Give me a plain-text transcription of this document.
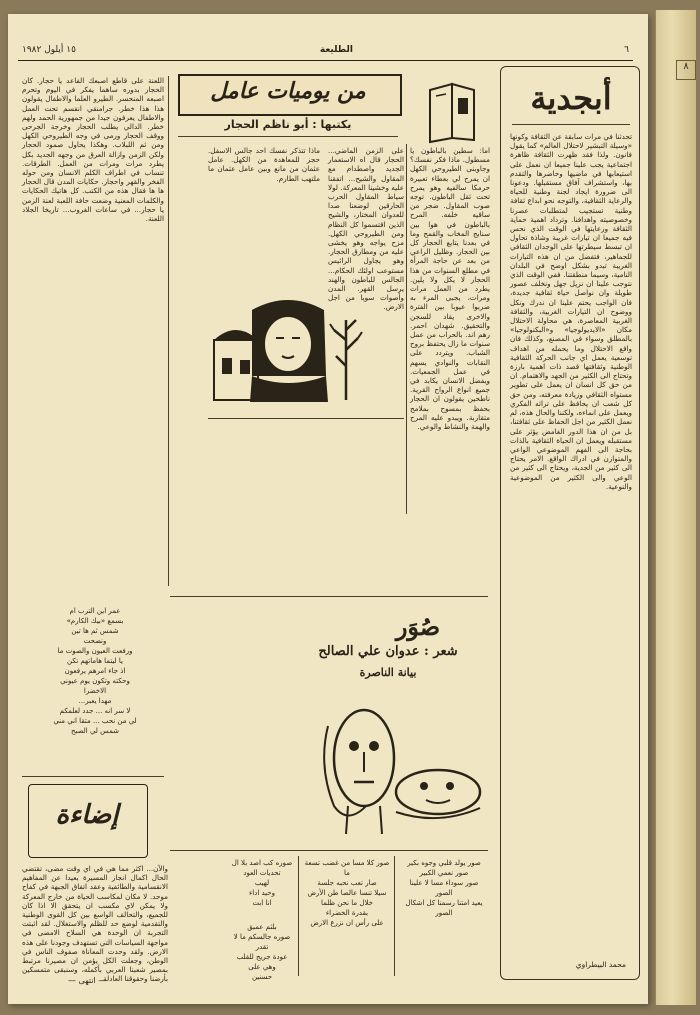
٨
٦
الطليعة
١٥ أيلول ١٩٨٢
أبجدية
تحدثنا في مرات سابقة عن الثقافة وكونها «وسيلة التبشير لاحتلال العالم» كما يقول فانون. ولذا فقد ظهرت الثقافة ظاهرة اجتماعية يجب علينا جميعا ان نعمل على استيعابها في ماضيها وحاضرها والتقدم بها، واستشراف آفاق مستقبلها. ودعونا الى ضرورة ايجاد لجنة وطنية للحياة والرعاية الثقافية، والتوجه نحو ابداع ثقافة وطنية تستجيب لمتطلبات عصرنا وخصوصيته واهدافنا. وترداد اهمية حماية الثقافة ورعايتها في الوقت الذي نحس فيه جميعا ان تيارات غريبة وشاذة تحاول ان تبسط سيطرتها على الوجدان الثقافي للجماهير، فتفضل من ان هذه التيارات الغريبة تبدو بشكل اوضح في البلدان النامية، وسيما منطقتنا. ففي الوقت الذي نتوجب علينا ان نزيل جهل ونخلف عصور طويلة وان نواصل حياة ثقافية جديدة، فان الواجب يحتم علينا ان ندرك ونكل ووضوح ان التيارات الغربية، والثقافة الغربية المعاصرة، هي محاولة الاحتلال مكان «الايديولوجيا» و«البكنولوجيا» بالمطلق وسواء في المصنع، وكذلك فان واقع الاحتلال وما يحمله من اهداف توسعية يعمل اي جانب الحركة الثقافية الوطنية وثقافتها قصد ذات اهمية بارزة وتحتاج الى الكثير من الجهد والاهتمام. ان من حق كل انسان ان يعمل على تطوير مستواه الثقافي وزيادة معرفته، ومن حق كل شعب ان يحافظ على تراثه الفكري ويعمل على انماءه، ولكننا والحال هذه، لم نعمل الكثير من اجل الحفاظ على ثقافتنا، بل من ان هذا الدور الغامض يؤثر على مستقبله ويعمل ان الحياة الثقافية بالذات بحاجة الى الفهم الموضوعي الواعي والمتوازن في ادراك الواقع. الامر يحتاج الى كثير من الجدية، ويحتاج الى كثير من الوعي والى الكثير من الموضوعية والنوعية.
محمد البيطراوي
من يوميات عامل
يكتبها : أبو ناظم الحجار
اما: سطين بالباطون يا مسطول. ماذا فكر نفسك؟ وجاوبنى الطيروحي الكهل ان يمرح لي بعطاء تعبيرة حرمكا سالفيه وهو يمرح تحت ثقل الباطون. توجه صوب المقاول. ضجر من ساقيه خلفه. المرح بالباطون في هوا بين سنابح المخاب والقمح وما في بعدنا يتابع الحجار كل بين الحجار. وظليل الراعي من بعد عن حاجة المرأة في مطلع السنوات من هذا الحجار لا يكل ولا يلين. يطرد من العمل مرات ومرات، يجبى المرء به ضربوا عيوبا بين الفترة والاخرى يقاد للسجن والتحقيق. شهدان احمر. رهم اند. بالحراب من عمل سنوات ما زال يحتفظ بروح الشباب. ويتردد على النقابات والنوادي يسهم في عمل الجمعيات. ويفضل الانسان يكابد في جميع انواع الرواح القرية. ناطحين يقولون ان الحجار بحفظ بمسوح بملامح متقاربة. ويبدو عليه المرح والهمة والنشاط والوعي.
على الزمن الماضي... الحجار قال اه الاستعمار الجديد واصطدام مع المقاول والشيح... اتفقنا عليه وخشينا المعركة. لولا سياط المقاول الحرب الحارقين لوضعنا صدا للعدوان المختار، والشيح الذين اقتسموا كل النظام ومن الطيروحي الكهل. مزح يواجه وهو يخشى عليه من ومطارق الحجار. وهو يجاول الرائيس مستوعب اولئك الحكام... الجالس للباطون والهند يرسل القهر. المدن وأصوات سويا من اجل الارض.
ماذا تتذكر نفسك احد جالس الاسفل. حجز للمعاهدة من الكهل. عامل عثمان من مانع وبين عامل عثمان ما ملتهب الطارم.
اللعنة على قاطع اصبعك الفاعد يا حجار. كان الحجار بدوره ساهما يفكر في اليوم وتحرم اصبعه المنحسر. الطيرو العلما والاطفال يقولون هذا هذا خطر. جرامنقي انقسم تحت العمل والاطفال يعرفون جيدا من جمهورية الحمد ولهم خطر. الدالي يطلب الحجار وخرجة الجرحى ووقف الحجار ورمى في وجه الطيروحي الكهل ومن ثم اللبلاب. وهكذا يحاول صمود الحجار ولكن الزمن وازالة العرق من وجهه الجديد بكل يطرد مرات ومرات من العمل. الطرقات. تنساب في اطراف الكلم الانسان ومن حوله الفخر والقهر واحجار. حكايات المدن قال الحجار ها ها فقال هذه من الكتب. كل هاتيك الحكايات والكلمات المعنية وضعت حافة اللعبة لعنة الزمن يا حجار... في ساعات الغروب... تاريخا الجلاد اللعنة.
صُوَر
شعر : عدوان علي الصالح
بيانة الناصرة
عمر اين الترب ام
بسمع «بيك الكارم»
شمس ثم ها تين
ونصحت
ورفعت العيون والصوت ما
يا ليتما هاماتهم تكن
اذ جاء امرهم يرفعون
وحكته وتكون يوم عيوني
الاخضرا
مهدا يعبر...
لا سر انه ... جدد لعلمكم
لي من نحب ... متقا اني مني
شمس لي الصبح
صور يولد قلبي وجوه بكير
صور نعمي الكبير
صور سوداء مسا لا علينا الصور
يعيد امتنا رسمنا كل اشكال الصور
صور كلا مسا من غضب تسعة ما
صار تعب نحبه جلسة
سيلا تنسا عالصا طن الأرض
خلال ما نحن ظلما
بقدرة الخضراء
على رأس ان نزرع الارض
صوره كب اصد بلا ال
تحديات العود
لهيب
وحيد اداء
انا ابت
بلثم عميق
صوره جالسكم ما لا تقدر
عودة جريح للقلب وهي على
حسنين
إضاءة
والآن... اكثر مما هي في اي وقت مضى، تقتضي الحال اكمال انجاز المسيرة بعيدا عن المفاهيم الانقسامية والطائفية وعقد اتفاق الجبهة في كفاح موحد. لا مكان لمكاسب الحياة من خارج المعركة ولا يمكن لاي مكسب ان يتحقق الا اذا كان للجميع، والتحالف الواسع بين كل القوى الوطنية والتقدمية لوضع حد للظلم والاستغلال. لقد اثبتت التجربة ان الوحدة هي السلاح الامضى في مواجهة السياسات التي تستهدف وجودنا على هذه الارض. ولقد وحدت المعاناة صفوف الناس في الوطن، وجعلت الكل يؤمن ان مصيرنا مرتبط بمصير شعبنا العربي بأكمله، وسنبقى متمسكين بأرضنا وحقوقنا العادلة.
— انتهى —
